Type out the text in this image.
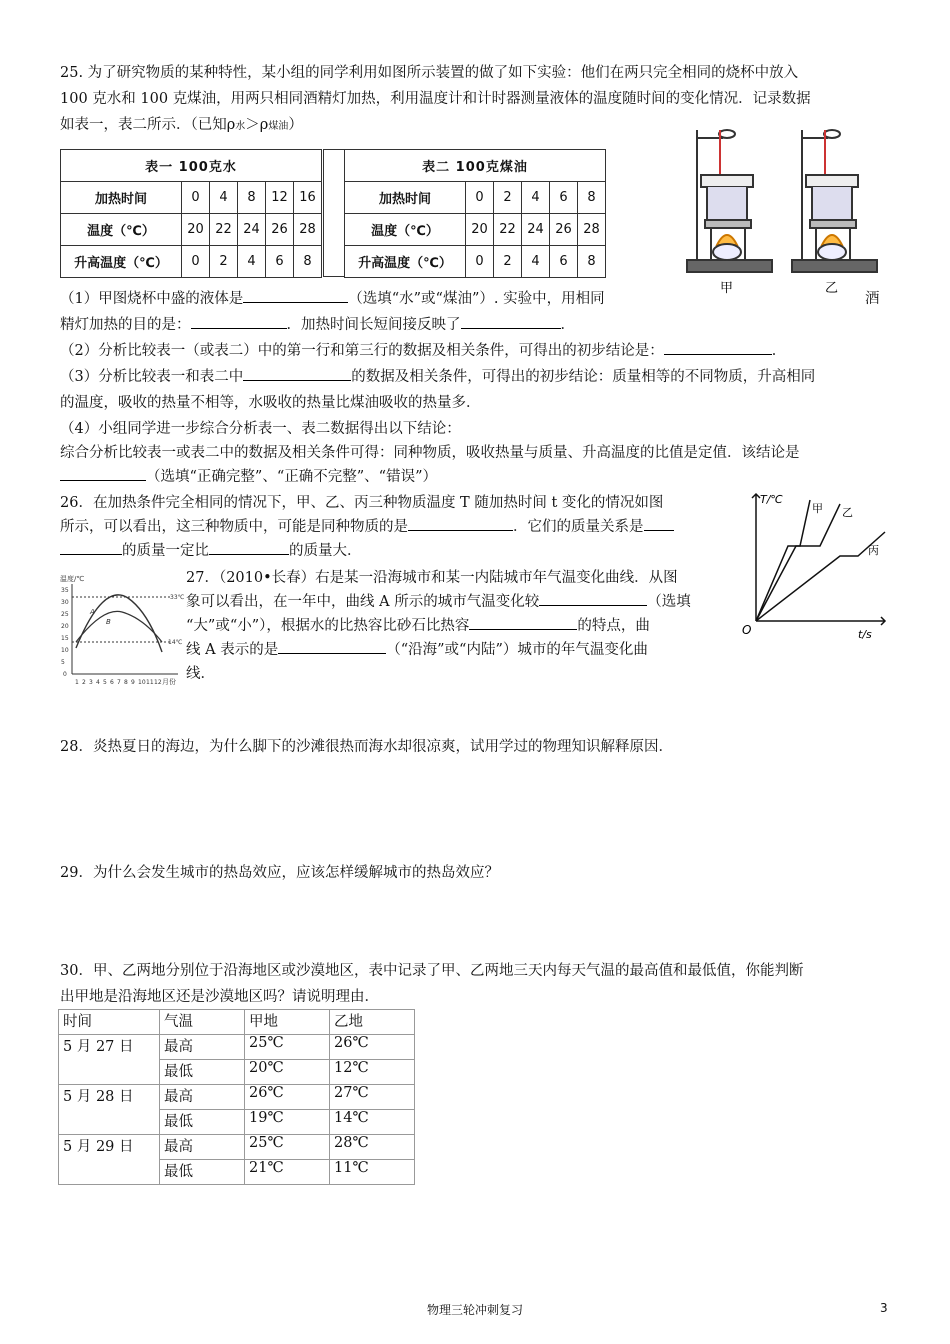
25. 为了研究物质的某种特性，某小组的同学利用如图所示装置的做了如下实验：他们在两只完全相同的烧杯中放入
100 克水和 100 克煤油，用两只相同酒精灯加热，利用温度计和计时器测量液体的温度随时间的变化情况．记录数据
如表一，表二所示．（已知ρ水＞ρ煤油）
表一 100克水					
加热时间	0	4	8	12	16
温度（℃）	20	22	24	26	28
升高温度（℃）	0	2	4	6	8
表二 100克煤油					
加热时间	0	2	4	6	8
温度（℃）	20	22	24	26	28
升高温度（℃）	0	2	4	6	8
甲	乙
（1）甲图烧杯中盛的液体是	（选填“水”或“煤油”）. 实验中，用相同	酒
精灯加热的目的是：	．加热时间长短间接反映了	．
（2）分析比较表一（或表二）中的第一行和第三行的数据及相关条件，可得出的初步结论是：	．
（3）分析比较表一和表二中	的数据及相关条件，可得出的初步结论：质量相等的不同物质，升高相同
的温度，吸收的热量不相等，水吸收的热量比煤油吸收的热量多．
（4）小组同学进一步综合分析表一、表二数据得出以下结论：
综合分析比较表一或表二中的数据及相关条件可得：同种物质，吸收热量与质量、升高温度的比值是定值．该结论是
（选填“正确完整”、“正确不完整”、“错误”）
26．在加热条件完全相同的情况下，甲、乙、丙三种物质温度 T 随加热时间 t 变化的情况如图
所示，可以看出，这三种物质中，可能是同种物质的是	．它们的质量关系是
的质量一定比	的质量大．
T/℃
t/s
O
甲 乙
丙
温度/℃
35
30
25
20
15
10
5
0
A
B
33℃
14℃
1 2 3 4 5 6 7 8 9 10 11 12 月份
27．（2010•长春）右是某一沿海城市和某一内陆城市年气温变化曲线．从图
象可以看出，在一年中，曲线 A 所示的城市气温变化较	（选填
“大”或“小”），根据水的比热容比砂石比热容	的特点，曲
线 A 表示的是	（“沿海”或“内陆”）城市的年气温变化曲
线．
28．炎热夏日的海边，为什么脚下的沙滩很热而海水却很凉爽，试用学过的物理知识解释原因．
29．为什么会发生城市的热岛效应，应该怎样缓解城市的热岛效应？
30．甲、乙两地分别位于沿海地区或沙漠地区，表中记录了甲、乙两地三天内每天气温的最高值和最低值，你能判断
出甲地是沿海地区还是沙漠地区吗？请说明理由．
时间	气温	甲地	乙地
5 月 27 日	最高	25℃	26℃
	最低	20℃	12℃
5 月 28 日	最高	26℃	27℃
	最低	19℃	14℃
5 月 29 日	最高	25℃	28℃
	最低	21℃	11℃
物理三轮冲刺复习	3
